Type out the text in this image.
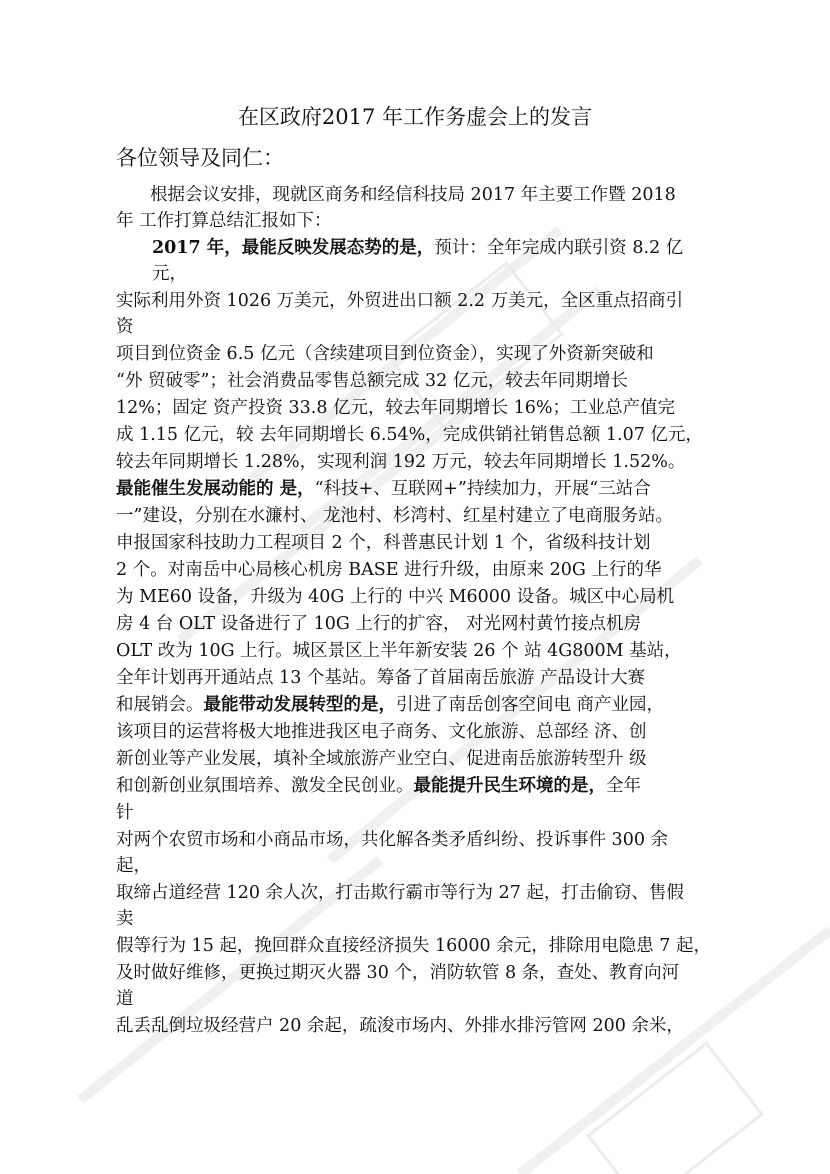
在区政府2017 年工作务虚会上的发言
各位领导及同仁：
根据会议安排，现就区商务和经信科技局 2017 年主要工作暨 2018
年 工作打算总结汇报如下：
2017 年，最能反映发展态势的是，预计：全年完成内联引资 8.2 亿
元，
实际利用外资 1026 万美元，外贸进出口额 2.2 万美元，全区重点招商引
资
项目到位资金 6.5 亿元（含续建项目到位资金），实现了外资新突破和
“外 贸破零”；社会消费品零售总额完成 32 亿元，较去年同期增长
12%；固定 资产投资 33.8 亿元，较去年同期增长 16%；工业总产值完
成 1.15 亿元，较 去年同期增长 6.54%，完成供销社销售总额 1.07 亿元，
较去年同期增长 1.28%，实现利润 192 万元，较去年同期增长 1.52%。
最能催生发展动能的 是，“科技+、互联网+”持续加力，开展“三站合
一”建设，分别在水濂村、 龙池村、杉湾村、红星村建立了电商服务站。
申报国家科技助力工程项目 2 个，科普惠民计划 1 个，省级科技计划
2 个。对南岳中心局核心机房 BASE 进行升级，由原来 20G 上行的华
为 ME60 设备，升级为 40G 上行的 中兴 M6000 设备。城区中心局机
房 4 台 OLT 设备进行了 10G 上行的扩容， 对光网村黄竹接点机房
OLT 改为 10G 上行。城区景区上半年新安装 26 个 站 4G800M 基站，
全年计划再开通站点 13 个基站。筹备了首届南岳旅游 产品设计大赛
和展销会。最能带动发展转型的是，引进了南岳创客空间电 商产业园，
该项目的运营将极大地推进我区电子商务、文化旅游、总部经 济、创
新创业等产业发展，填补全域旅游产业空白、促进南岳旅游转型升 级
和创新创业氛围培养、激发全民创业。最能提升民生环境的是，全年
针
对两个农贸市场和小商品市场，共化解各类矛盾纠纷、投诉事件 300 余
起，
取缔占道经营 120 余人次，打击欺行霸市等行为 27 起，打击偷窃、售假
卖
假等行为 15 起，挽回群众直接经济损失 16000 余元，排除用电隐患 7 起，
及时做好维修，更换过期灭火器 30 个，消防软管 8 条，查处、教育向河
道
乱丢乱倒垃圾经营户 20 余起，疏浚市场内、外排水排污管网 200 余米，
